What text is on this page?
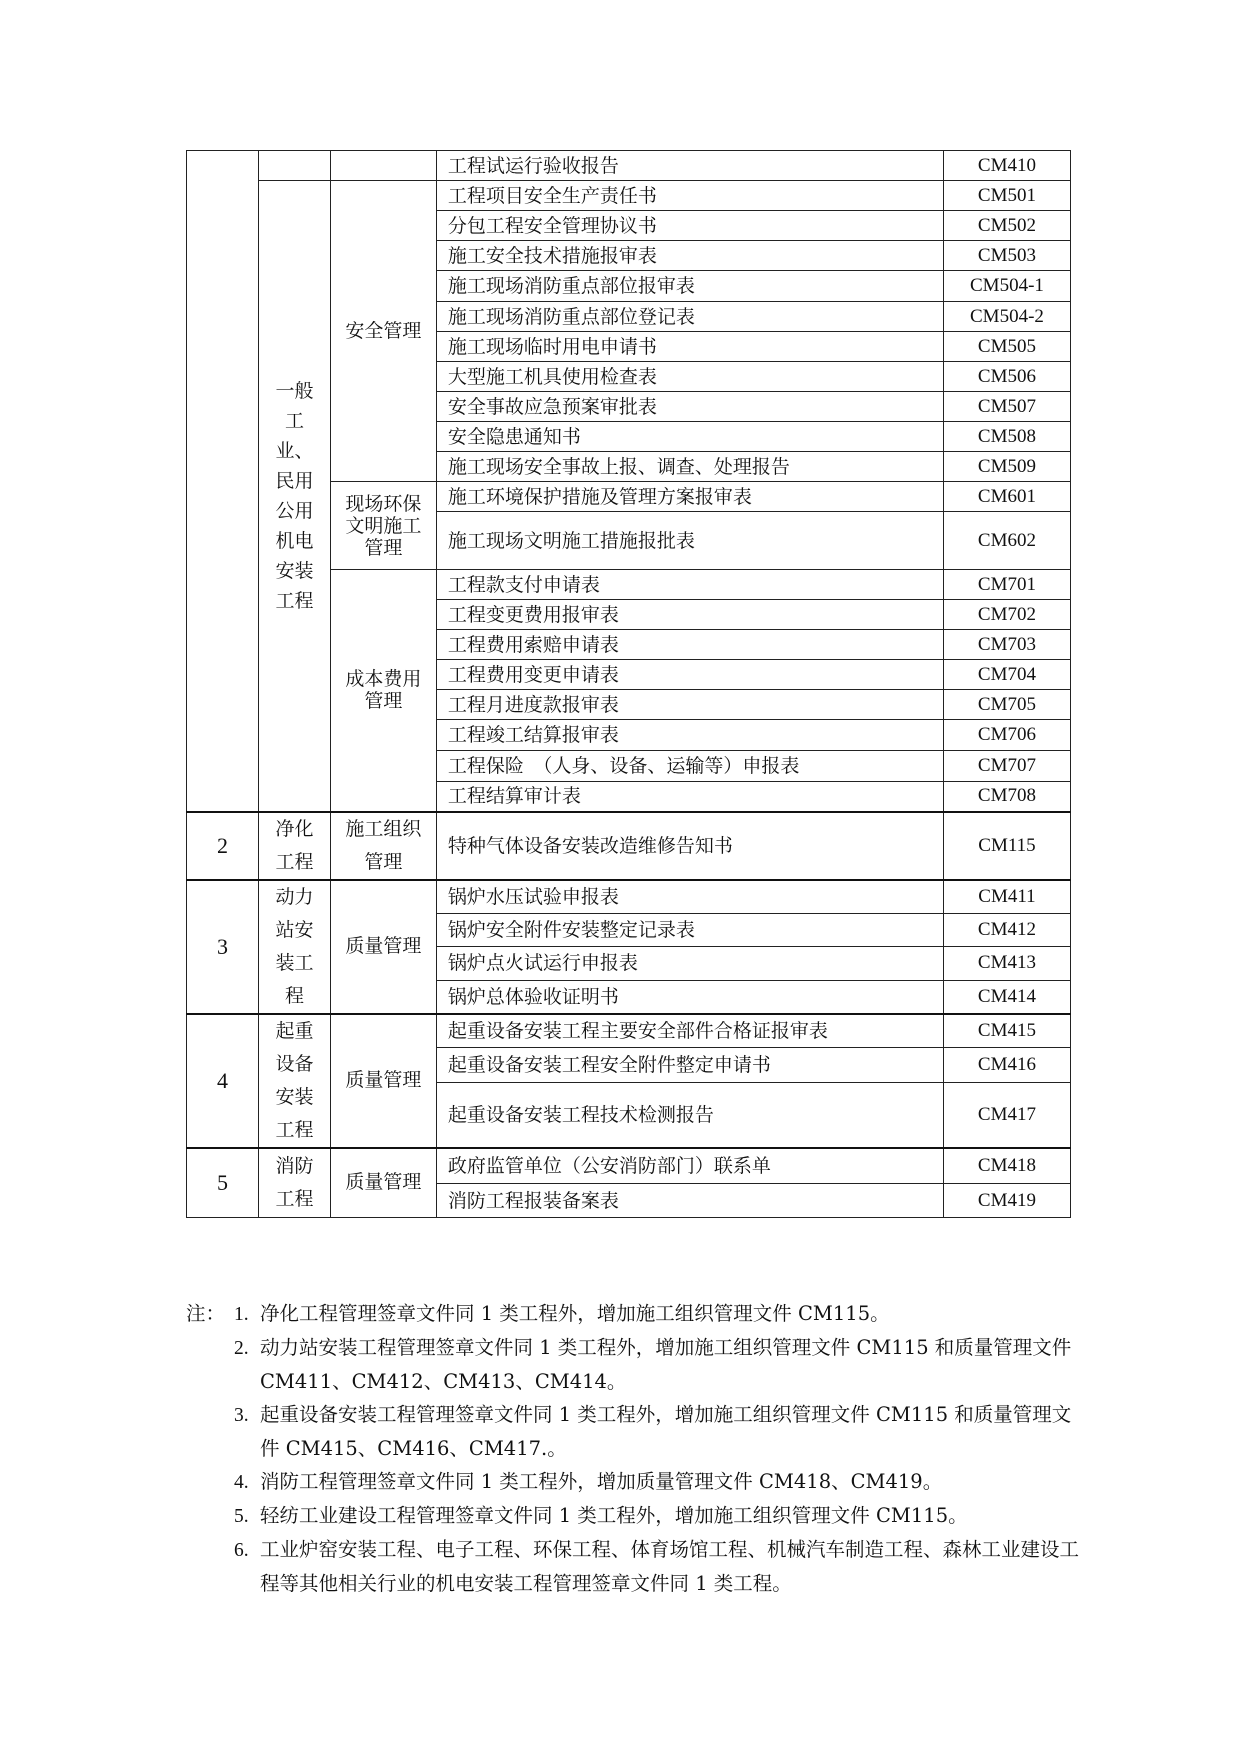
			工程试运行验收报告	CM410
	一般工业、民用公用机电安装工程	安全管理	工程项目安全生产责任书	CM501
			分包工程安全管理协议书	CM502
			施工安全技术措施报审表	CM503
			施工现场消防重点部位报审表	CM504-1
			施工现场消防重点部位登记表	CM504-2
			施工现场临时用电申请书	CM505
			大型施工机具使用检查表	CM506
			安全事故应急预案审批表	CM507
			安全隐患通知书	CM508
			施工现场安全事故上报、调查、处理报告	CM509
		现场环保文明施工管理	施工环境保护措施及管理方案报审表	CM601
			施工现场文明施工措施报批表	CM602
		成本费用管理	工程款支付申请表	CM701
			工程变更费用报审表	CM702
			工程费用索赔申请表	CM703
			工程费用变更申请表	CM704
			工程月进度款报审表	CM705
			工程竣工结算报审表	CM706
			工程保险　（人身、设备、运输等）申报表	CM707
			工程结算审计表	CM708
2	净化工程	施工组织管理	特种气体设备安装改造维修告知书	CM115
3	动力站安装工程	质量管理	锅炉水压试验申报表	CM411
			锅炉安全附件安装整定记录表	CM412
			锅炉点火试运行申报表	CM413
			锅炉总体验收证明书	CM414
4	起重设备安装工程	质量管理	起重设备安装工程主要安全部件合格证报审表	CM415
			起重设备安装工程安全附件整定申请书	CM416
			起重设备安装工程技术检测报告	CM417
5	消防工程	质量管理	政府监管单位（公安消防部门）联系单	CM418
			消防工程报装备案表	CM419
注： 1. 净化工程管理签章文件同 1 类工程外，增加施工组织管理文件 CM115。
2. 动力站安装工程管理签章文件同 1 类工程外，增加施工组织管理文件 CM115 和质量管理文件 CM411、CM412、CM413、CM414。
3. 起重设备安装工程管理签章文件同 1 类工程外，增加施工组织管理文件 CM115 和质量管理文件 CM415、CM416、CM417.。
4. 消防工程管理签章文件同 1 类工程外，增加质量管理文件 CM418、CM419。
5. 轻纺工业建设工程管理签章文件同 1 类工程外，增加施工组织管理文件 CM115。
6. 工业炉窑安装工程、电子工程、环保工程、体育场馆工程、机械汽车制造工程、森林工业建设工程等其他相关行业的机电安装工程管理签章文件同 1 类工程。
